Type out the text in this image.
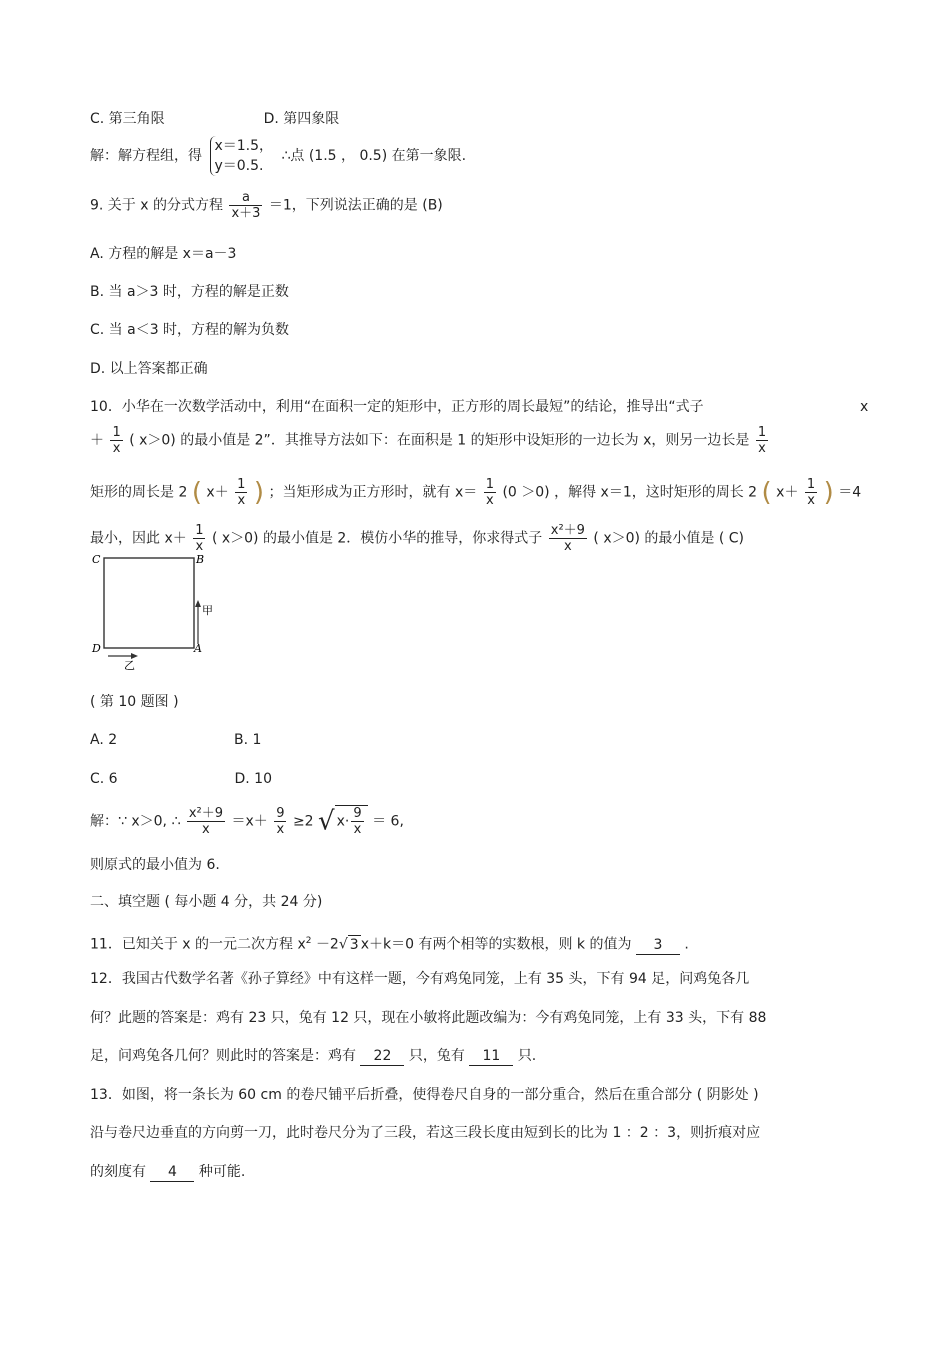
C. 第三角限	D. 第四象限
解：解方程组，得
x＝1.5，
y＝0.5.
∴点 (1.5 ， 0.5) 在第一象限.
9. 关于 x 的分式方程 $\frac{a}{x+3} =1$，下列说法正确的是 (B)
A. 方程的解是 x＝a－3
B. 当 a＞3 时，方程的解是正数
C. 当 a＜3 时，方程的解为负数
D. 以上答案都正确
10．小华在一次数学活动中，利用“在面积一定的矩形中，正方形的周长最短”的结论，推导出“式子	x
＋ $\frac{1}{x}$ ( x＞0) 的最小值是 2”．其推导方法如下：在面积是 1 的矩形中设矩形的一边长为 x，则另一边长是 $\frac{1}{x}$
矩形的周长是 2 ( $x+ \frac{1}{x}$ ) ；当矩形成为正方形时，就有 $x= \frac{1}{x} (0 >0)$ ，解得 x＝1，这时矩形的周长 2 ( $x+ \frac{1}{x}$ ) ＝4
最小，因此 $x+ \frac{1}{x}$ ( x＞0) 的最小值是 2．模仿小华的推导，你求得式子 $\frac{\text{x²＋9}}{x}$ ( x＞0) 的最小值是 ( C)
C	B
D	A
甲
乙
( 第 10 题图 )
A. 2	B. 1
C. 6	D. 10
解：∵ x＞0, ∴ $\frac{\text{x²＋9}}{x} =x+ \frac{9}{x} \ge 2$ √ $x\cdot \frac{9}{x} = 6$,
则原式的最小值为 6.
二、填空题 ( 每小题 4 分，共 24 分)
11．已知关于 x 的一元二次方程 $x^2 -2√$ 3 x＋k＝0 有两个相等的实数根，则 k 的值为 3 .
12．我国古代数学名著《孙子算经》中有这样一题，今有鸡兔同笼，上有 35 头，下有 94 足，问鸡兔各几
何？此题的答案是：鸡有 23 只，兔有 12 只，现在小敏将此题改编为：今有鸡兔同笼，上有 33 头，下有 88
足，问鸡兔各几何？则此时的答案是：鸡有 22 只，兔有 11 只.
13．如图，将一条长为 60 cm 的卷尺铺平后折叠，使得卷尺自身的一部分重合，然后在重合部分 ( 阴影处 )
沿与卷尺边垂直的方向剪一刀，此时卷尺分为了三段，若这三段长度由短到长的比为 1 ：2 ：3，则折痕对应
的刻度有 4 种可能.
